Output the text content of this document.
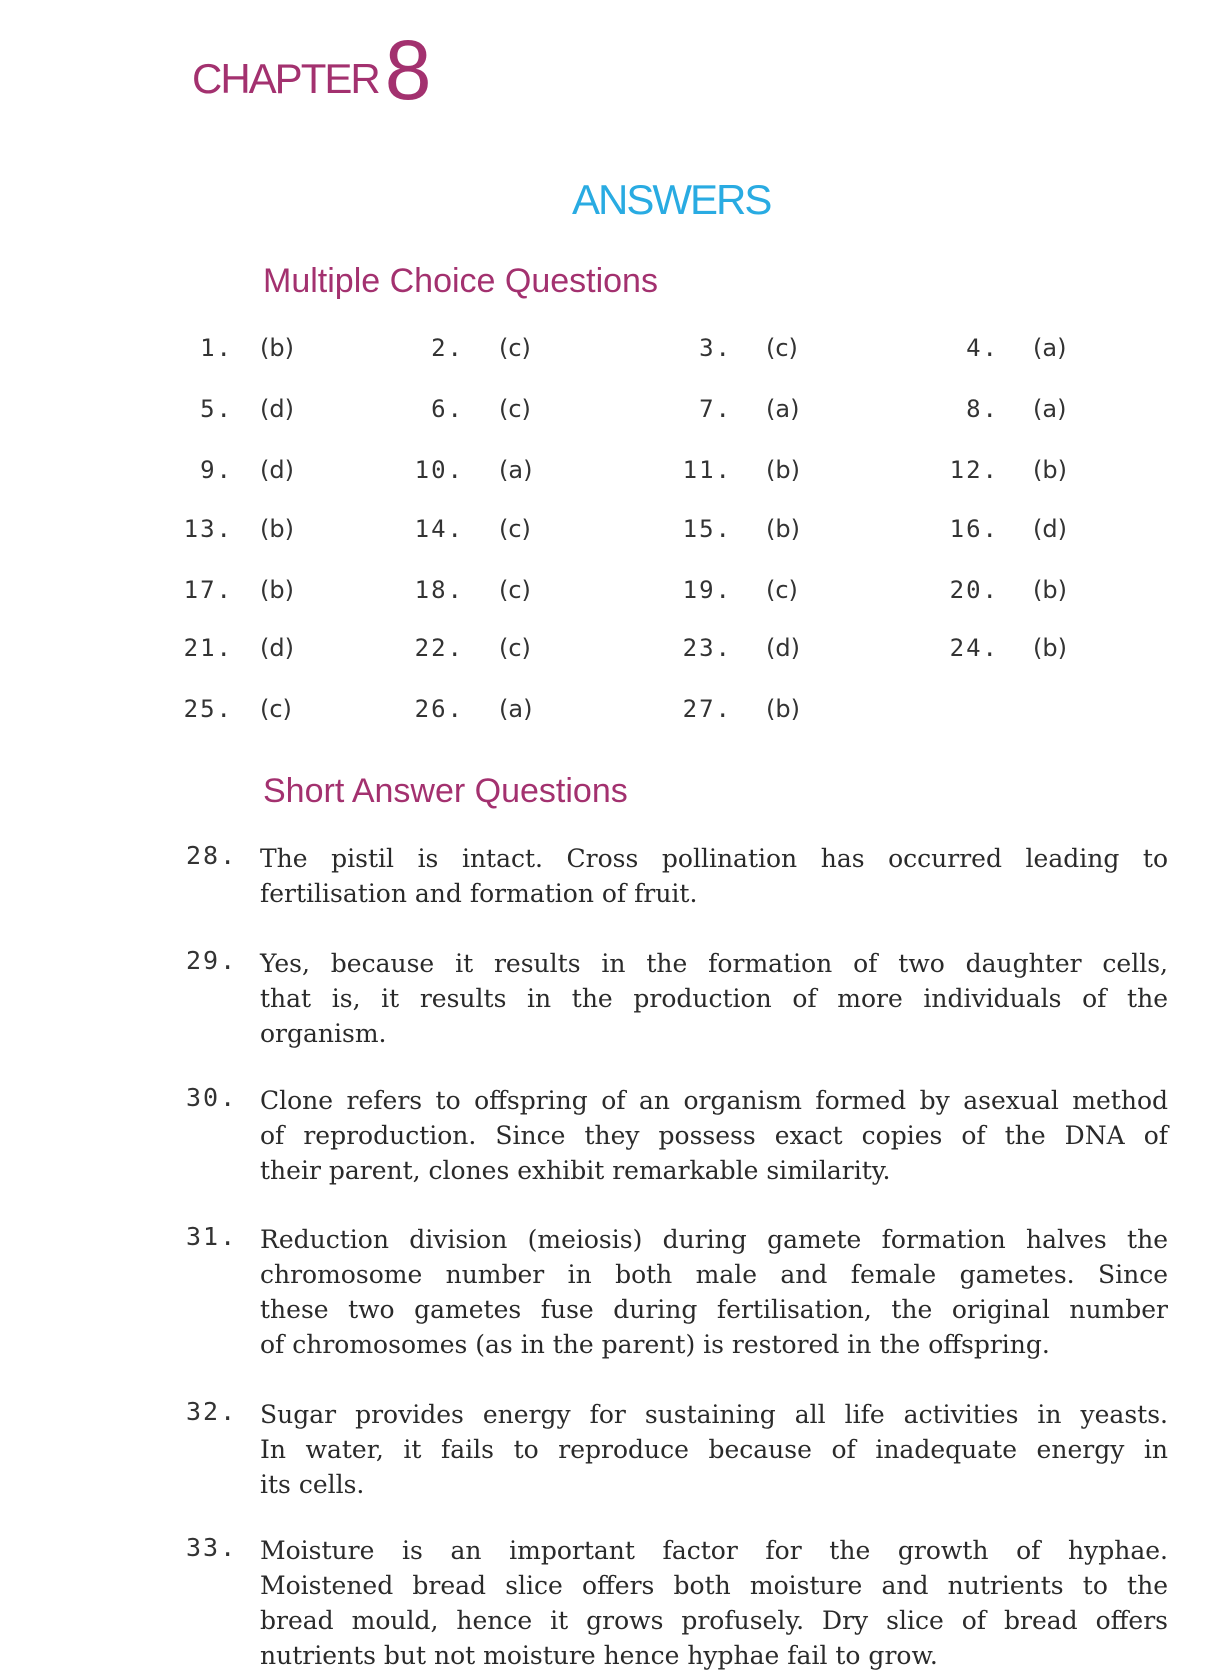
CHAPTER8
ANSWERS
Multiple Choice Questions
1. (b)	2. (c)	3. (c)	4. (a)
5. (d)	6. (c)	7. (a)	8. (a)
9. (d)	10. (a)	11. (b)	12. (b)
13. (b)	14. (c)	15. (b)	16. (d)
17. (b)	18. (c)	19. (c)	20. (b)
21. (d)	22. (c)	23. (d)	24. (b)
25. (c)	26. (a)	27. (b)
Short Answer Questions
28. The pistil is intact. Cross pollination has occurred leading to
fertilisation and formation of fruit.
29. Yes, because it results in the formation of two daughter cells,
that is, it results in the production of more individuals of the
organism.
30. Clone refers to offspring of an organism formed by asexual method
of reproduction. Since they possess exact copies of the DNA of
their parent, clones exhibit remarkable similarity.
31. Reduction division (meiosis) during gamete formation halves the
chromosome number in both male and female gametes. Since
these two gametes fuse during fertilisation, the original number
of chromosomes (as in the parent) is restored in the offspring.
32. Sugar provides energy for sustaining all life activities in yeasts.
In water, it fails to reproduce because of inadequate energy in
its cells.
33. Moisture is an important factor for the growth of hyphae.
Moistened bread slice offers both moisture and nutrients to the
bread mould, hence it grows profusely. Dry slice of bread offers
nutrients but not moisture hence hyphae fail to grow.
